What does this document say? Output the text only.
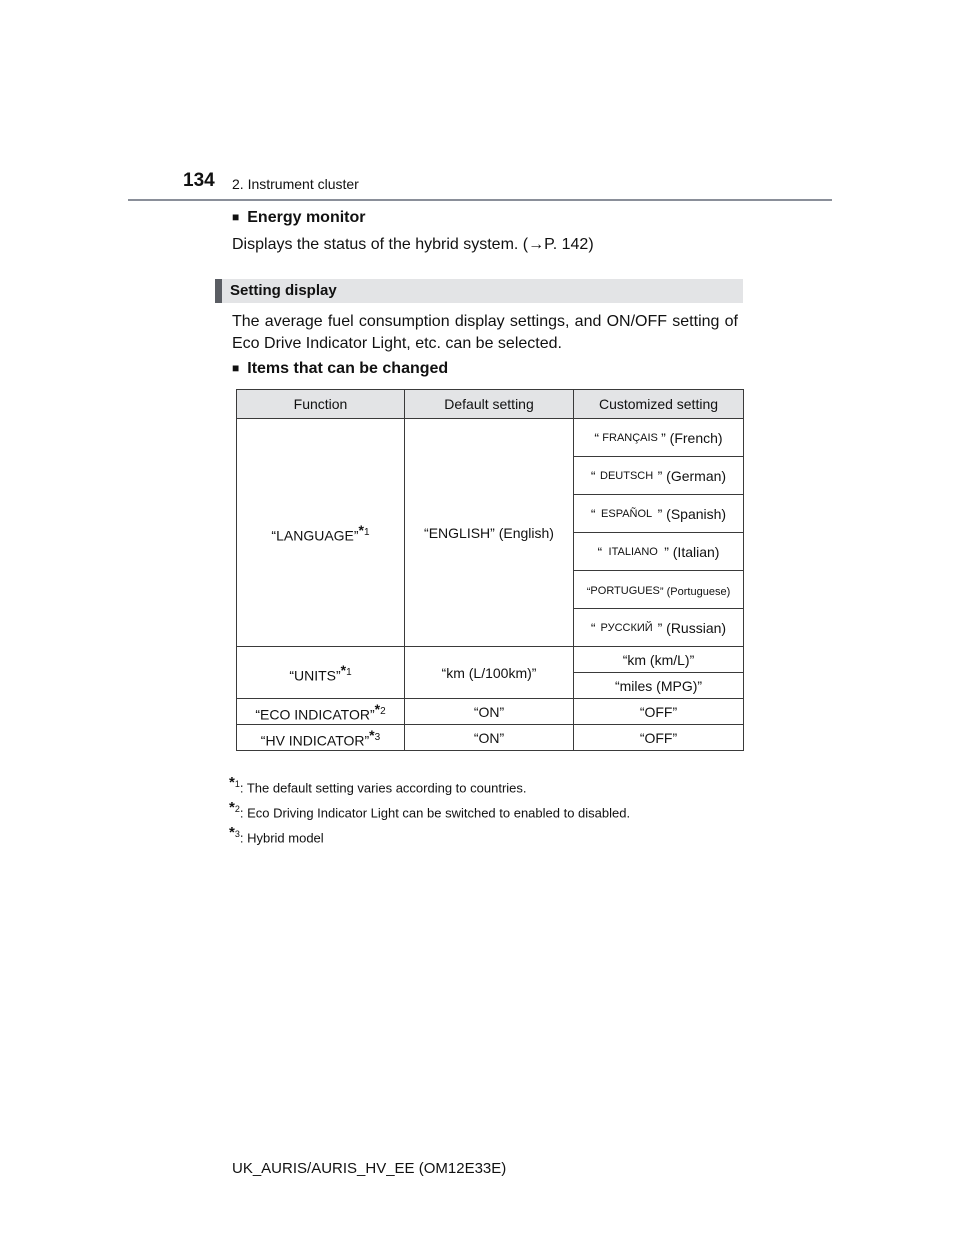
134 2. Instrument cluster
■ Energy monitor
Displays the status of the hybrid system. (→P. 142)
Setting display
The average fuel consumption display settings, and ON/OFF setting of Eco Drive Indicator Light, etc. can be selected.
■ Items that can be changed
Function	Default setting	Customized setting
“LANGUAGE”$^{*1}$	“ENGLISH” (English)	“ FRANÇAIS ” (French)
		“ DEUTSCH ” (German)
		“ ESPAÑOL ” (Spanish)
		“ ITALIANO ” (Italian)
		“PORTUGUES” (Portuguese)
		“ РУССКИЙ ” (Russian)
“UNITS”$^{*1}$	“km (L/100km)”	“km (km/L)”
		“miles (MPG)”
“ECO INDICATOR”$^{*2}$	“ON”	“OFF”
“HV INDICATOR”$^{*3}$	“ON”	“OFF”
$^{*1}$: The default setting varies according to countries.
$^{*2}$: Eco Driving Indicator Light can be switched to enabled to disabled.
$^{*3}$: Hybrid model
UK_AURIS/AURIS_HV_EE (OM12E33E)
